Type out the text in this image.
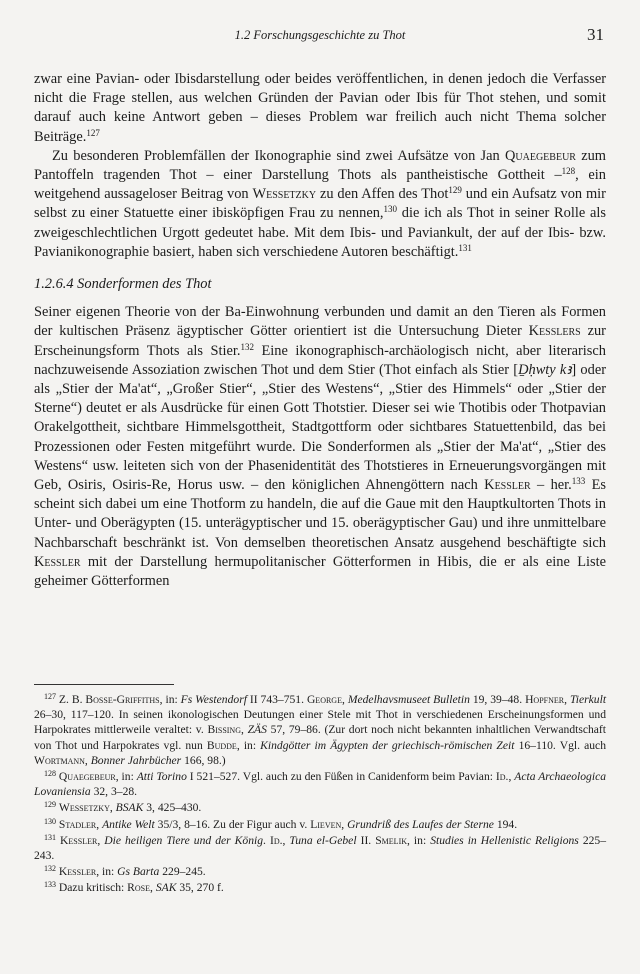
1.2 Forschungsgeschichte zu Thot	31

zwar eine Pavian- oder Ibisdarstellung oder beides veröffentlichen, in denen jedoch die Verfasser nicht die Frage stellen, aus welchen Gründen der Pavian oder Ibis für Thot stehen, und somit darauf auch keine Antwort geben – dieses Problem war freilich auch nicht Thema solcher Beiträge.$^{127}$

Zu besonderen Problemfällen der Ikonographie sind zwei Aufsätze von Jan Quaegebeur zum Pantoffeln tragenden Thot – einer Darstellung Thots als pantheistische Gottheit –$^{128}$, ein weitgehend aussageloser Beitrag von Wessetzky zu den Affen des Thot$^{129}$ und ein Aufsatz von mir selbst zu einer Statuette einer ibisköpfigen Frau zu nennen,$^{130}$ die ich als Thot in seiner Rolle als zweigeschlechtlichen Urgott gedeutet habe. Mit dem Ibis- und Paviankult, der auf der Ibis- bzw. Pavianikonographie basiert, haben sich verschiedene Autoren beschäftigt.$^{131}$

1.2.6.4 Sonderformen des Thot

Seiner eigenen Theorie von der Ba-Einwohnung verbunden und damit an den Tieren als Formen der kultischen Präsenz ägyptischer Götter orientiert ist die Untersuchung Dieter Kesslers zur Erscheinungsform Thots als Stier.$^{132}$ Eine ikonographisch-archäologisch nicht, aber literarisch nachzuweisende Assoziation zwischen Thot und dem Stier (Thot einfach als Stier [Ḏḥwty kꜣ] oder als „Stier der Ma'at“, „Großer Stier“, „Stier des Westens“, „Stier des Himmels“ oder „Stier der Sterne“) deutet er als Ausdrücke für einen Gott Thotstier. Dieser sei wie Thotibis oder Thotpavian Orakelgottheit, sichtbare Himmelsgottheit, Stadtgottform oder sichtbares Statuettenbild, das bei Prozessionen oder Festen mitgeführt wurde. Die Sonderformen als „Stier der Ma'at“, „Stier des Westens“ usw. leiteten sich von der Phasenidentität des Thotstieres in Erneuerungsvorgängen mit Geb, Osiris, Osiris-Re, Horus usw. – den königlichen Ahnengöttern nach Kessler – her.$^{133}$ Es scheint sich dabei um eine Thotform zu handeln, die auf die Gaue mit den Hauptkultorten Thots in Unter- und Oberägypten (15. unterägyptischer und 15. oberägyptischer Gau) und ihre unmittelbare Nachbarschaft beschränkt ist. Von demselben theoretischen Ansatz ausgehend beschäftigte sich Kessler mit der Darstellung hermupolitanischer Götterformen in Hibis, die er als eine Liste geheimer Götterformen

$^{127}$ Z. B. Bosse-Griffiths, in: Fs Westendorf II 743–751. George, Medelhavsmuseet Bulletin 19, 39–48. Hopfner, Tierkult 26–30, 117–120. In seinen ikonologischen Deutungen einer Stele mit Thot in verschiedenen Erscheinungsformen und Harpokrates mittlerweile veraltet: v. Bissing, ZÄS 57, 79–86. (Zur dort noch nicht bekannten inhaltlichen Verwandtschaft von Thot und Harpokrates vgl. nun Budde, in: Kindgötter im Ägypten der griechisch-römischen Zeit 16–110. Vgl. auch Wortmann, Bonner Jahrbücher 166, 98.)

$^{128}$ Quaegebeur, in: Atti Torino I 521–527. Vgl. auch zu den Füßen in Canidenform beim Pavian: Id., Acta Archaeologica Lovaniensia 32, 3–28.

$^{129}$ Wessetzky, BSAK 3, 425–430.

$^{130}$ Stadler, Antike Welt 35/3, 8–16. Zu der Figur auch v. Lieven, Grundriß des Laufes der Sterne 194.

$^{131}$ Kessler, Die heiligen Tiere und der König. Id., Tuna el-Gebel II. Smelik, in: Studies in Hellenistic Religions 225–243.

$^{132}$ Kessler, in: Gs Barta 229–245.

$^{133}$ Dazu kritisch: Rose, SAK 35, 270 f.
